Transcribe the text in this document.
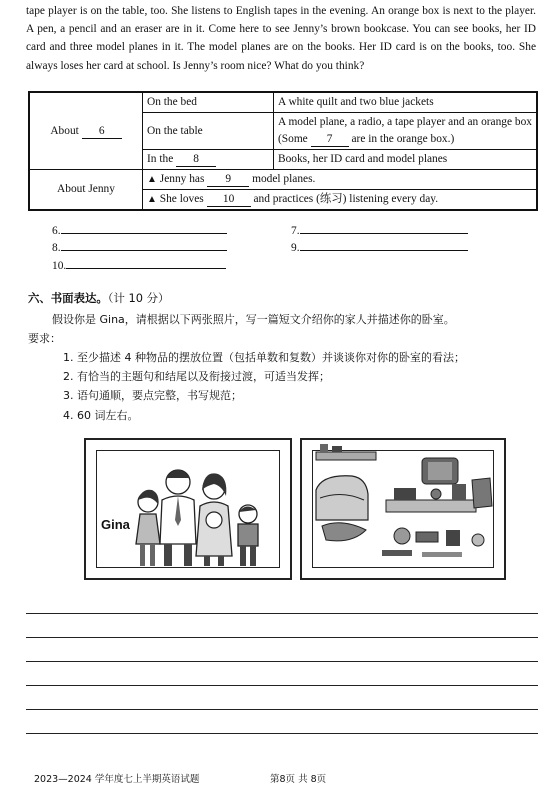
tape player is on the table, too. She listens to English tapes in the evening. An orange box is next to the player. A pen, a pencil and an eraser are in it. Come here to see Jenny’s brown bookcase. You can see books, her ID card and three model planes in it. The model planes are on the books. Her ID card is on the books, too. She always loses her card at school. Is Jenny’s room nice? What do you think?
About 6	On the bed	A white quilt and two blue jackets
	On the table	A model plane, a radio, a tape player and an orange box (Some 7 are in the orange box.)
	In the 8	Books, her ID card and model planes
About Jenny	▲ Jenny has 9 model planes.	
	▲ She loves 10 and practices (练习) listening every day.	
6.	7.
8.	9.
10.
六、书面表达。（计 10 分）
假设你是 Gina，请根据以下两张照片，写一篇短文介绍你的家人并描述你的卧室。
要求：
1. 至少描述 4 种物品的摆放位置（包括单数和复数）并谈谈你对你的卧室的看法；
2. 有恰当的主题句和结尾以及衔接过渡，可适当发挥；
3. 语句通顺，要点完整，书写规范；
4. 60 词左右。
Gina
2023—2024 学年度七上半期英语试题	第8页 共 8页
